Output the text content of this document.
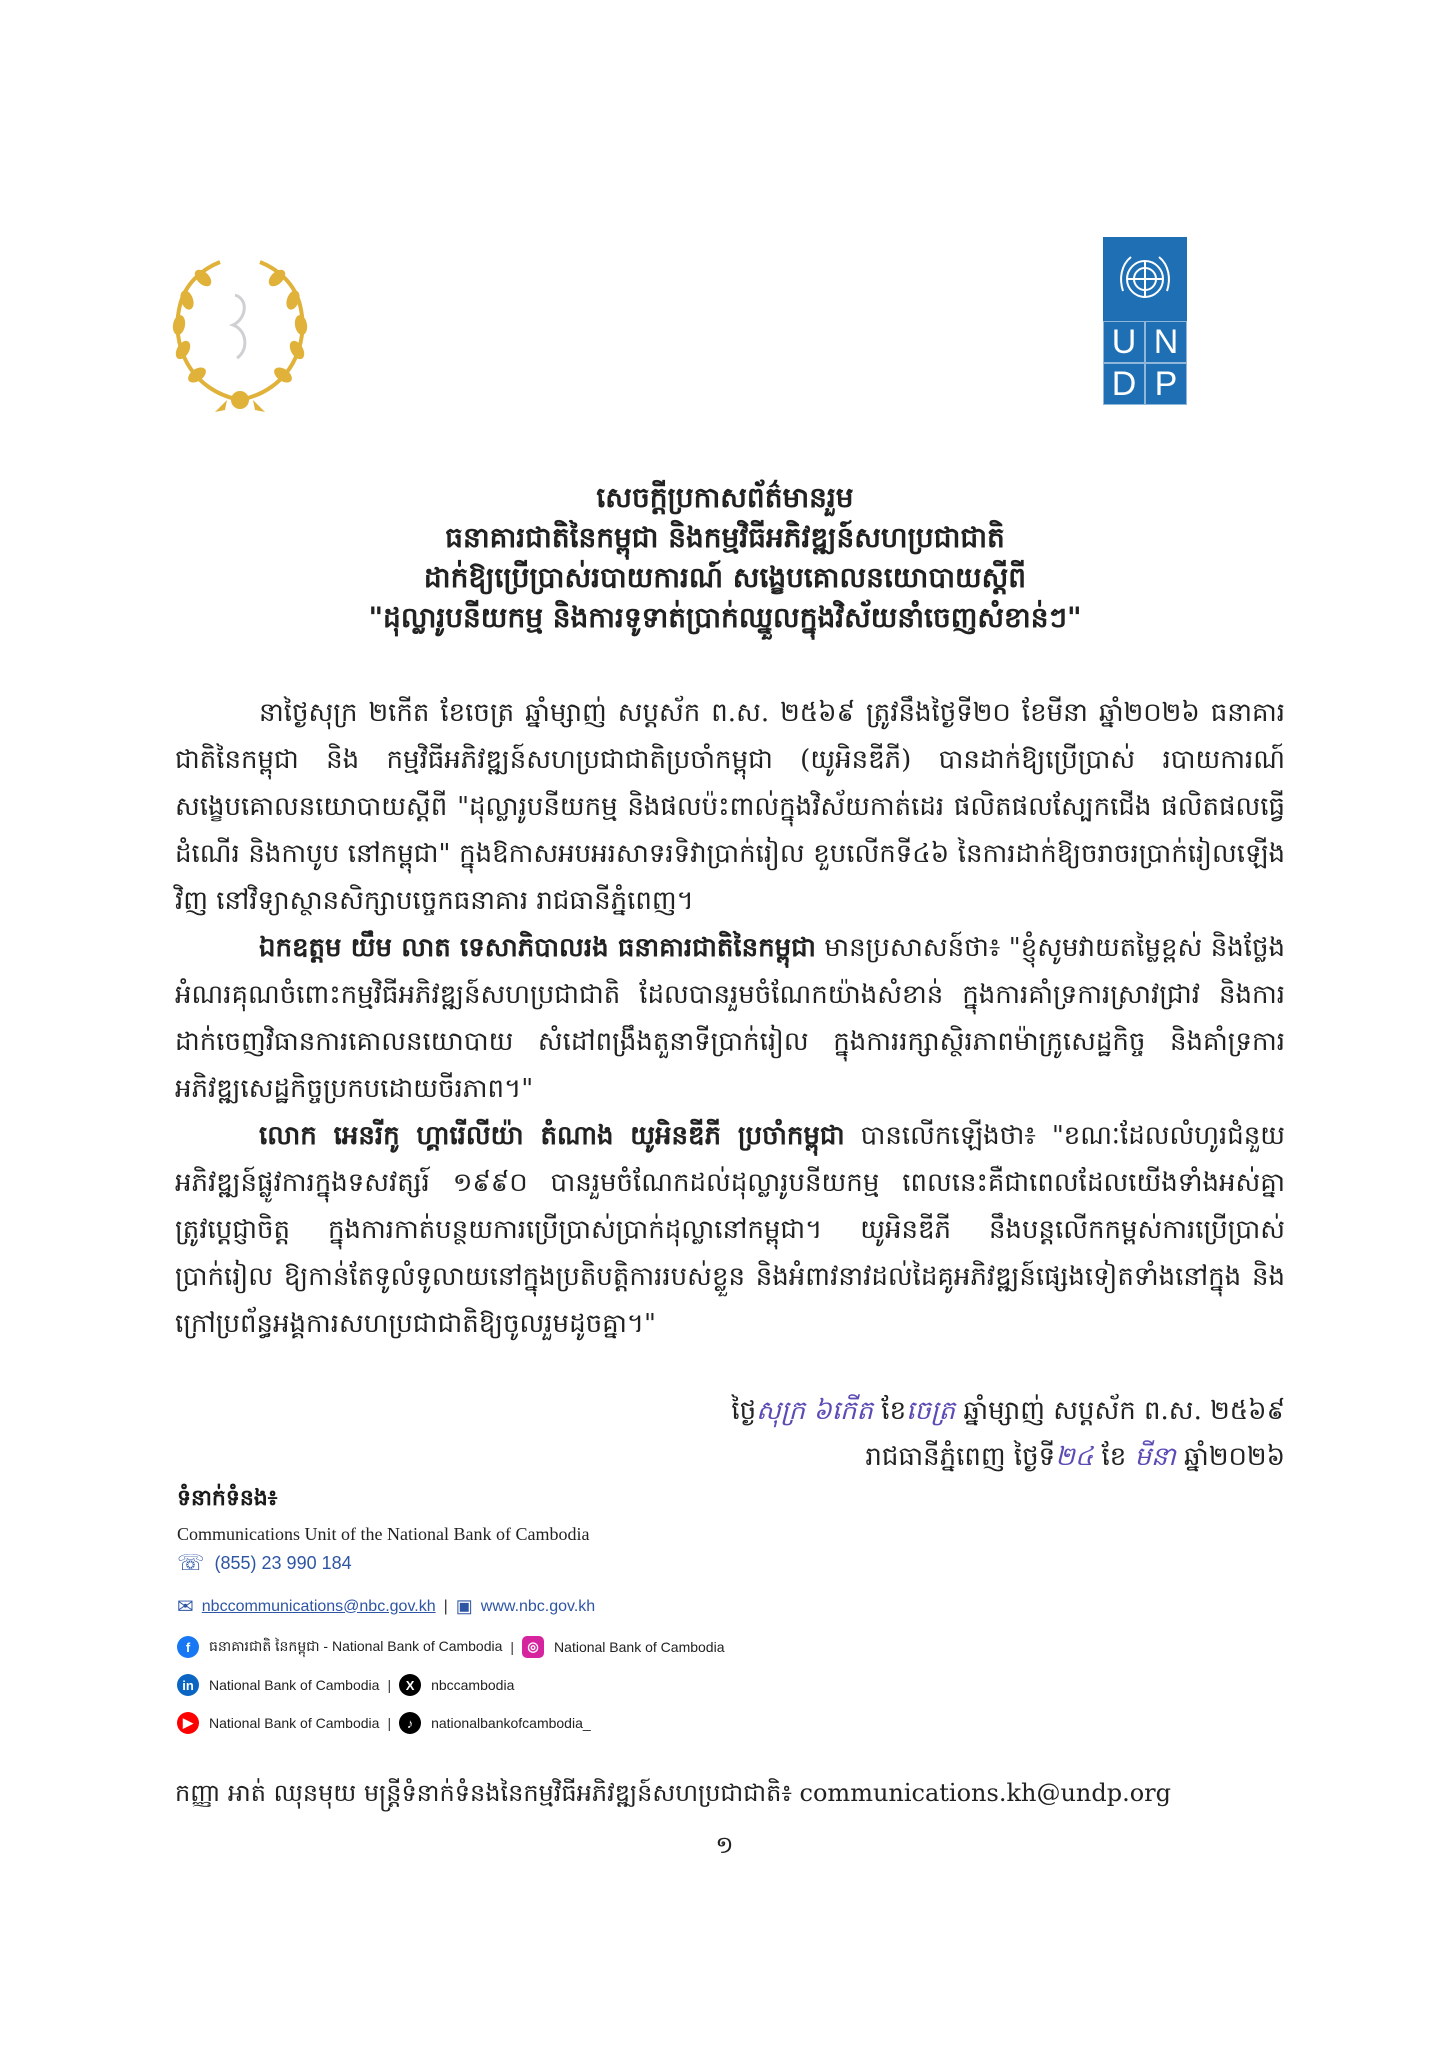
U N
D P
សេចក្តីប្រកាសព័ត៌មានរួម
ធនាគារជាតិនៃកម្ពុជា និងកម្មវិធីអភិវឌ្ឍន៍សហប្រជាជាតិ
ដាក់ឱ្យប្រើប្រាស់របាយការណ៍ សង្ខេបគោលនយោបាយស្តីពី
"ដុល្លារូបនីយកម្ម និងការទូទាត់ប្រាក់ឈ្នួលក្នុងវិស័យនាំចេញសំខាន់ៗ"

នាថ្ងៃសុក្រ ២កើត ខែចេត្រ ឆ្នាំម្សាញ់ សប្តស័ក ព.ស. ២៥៦៩ ត្រូវនឹងថ្ងៃទី២០ ខែមីនា ឆ្នាំ២០២៦ ធនាគារជាតិនៃកម្ពុជា និង កម្មវិធីអភិវឌ្ឍន៍សហប្រជាជាតិប្រចាំកម្ពុជា (យូអិនឌីភី) បានដាក់ឱ្យប្រើប្រាស់ របាយការណ៍សង្ខេបគោលនយោបាយស្តីពី "ដុល្លារូបនីយកម្ម និងផលប៉ះពាល់ក្នុងវិស័យកាត់ដេរ ផលិតផលស្បែកជើង ផលិតផលធ្វើដំណើរ និងកាបូប នៅកម្ពុជា" ក្នុងឱកាសអបអរសាទរទិវាប្រាក់រៀល ខួបលើកទី៤៦ នៃការដាក់ឱ្យចរាចរប្រាក់រៀលឡើងវិញ នៅវិទ្យាស្ថានសិក្សាបច្ចេកធនាគារ រាជធានីភ្នំពេញ។

ឯកឧត្តម យឹម លាត ទេសាភិបាលរង ធនាគារជាតិនៃកម្ពុជា មានប្រសាសន៍ថា៖ "ខ្ញុំសូមវាយតម្លៃខ្ពស់ និងថ្លែងអំណរគុណចំពោះកម្មវិធីអភិវឌ្ឍន៍សហប្រជាជាតិ ដែលបានរួមចំណែកយ៉ាងសំខាន់ ក្នុងការគាំទ្រការស្រាវជ្រាវ និងការដាក់ចេញវិធានការគោលនយោបាយ សំដៅពង្រឹងតួនាទីប្រាក់រៀល ក្នុងការរក្សាស្ថិរភាពម៉ាក្រូសេដ្ឋកិច្ច និងគាំទ្រការអភិវឌ្ឍសេដ្ឋកិច្ចប្រកបដោយចីរភាព។"

លោក អេនរីកូ ហ្គារើលីយ៉ា តំណាង យូអិនឌីភី ប្រចាំកម្ពុជា បានលើកឡើងថា៖ "ខណៈដែលលំហូរជំនួយអភិវឌ្ឍន៍ផ្លូវការក្នុងទសវត្សរ៍ ១៩៩០ បានរួមចំណែកដល់ដុល្លារូបនីយកម្ម ពេលនេះគឺជាពេលដែលយើងទាំងអស់គ្នាត្រូវប្តេជ្ញាចិត្ត ក្នុងការកាត់បន្ថយការប្រើប្រាស់ប្រាក់ដុល្លានៅកម្ពុជា។ យូអិនឌីភី នឹងបន្តលើកកម្ពស់ការប្រើប្រាស់ប្រាក់រៀល ឱ្យកាន់តែទូលំទូលាយនៅក្នុងប្រតិបត្តិការរបស់ខ្លួន និងអំពាវនាវដល់ដៃគូអភិវឌ្ឍន៍ផ្សេងទៀតទាំងនៅក្នុង និងក្រៅប្រព័ន្ធអង្គការសហប្រជាជាតិឱ្យចូលរួមដូចគ្នា។"

ថ្ងៃសុក្រ ៦កើត ខែចេត្រ ឆ្នាំម្សាញ់ សប្តស័ក ព.ស. ២៥៦៩
រាជធានីភ្នំពេញ ថ្ងៃទី២៤ ខែ មីនា ឆ្នាំ២០២៦
ទំនាក់ទំនង៖
Communications Unit of the National Bank of Cambodia
☏ (855) 23 990 184
✉ nbccommunications@nbc.gov.kh | ▣ www.nbc.gov.kh
f	ធនាគារជាតិ នៃកម្ពុជា - National Bank of Cambodia |	◎	National Bank of Cambodia
in	National Bank of Cambodia |	X	nbccambodia
▶	National Bank of Cambodia |	♪	nationalbankofcambodia_
កញ្ញា អាត់ ឈុនមុយ មន្ត្រីទំនាក់ទំនងនៃកម្មវិធីអភិវឌ្ឍន៍សហប្រជាជាតិ៖ communications.kh@undp.org
១
